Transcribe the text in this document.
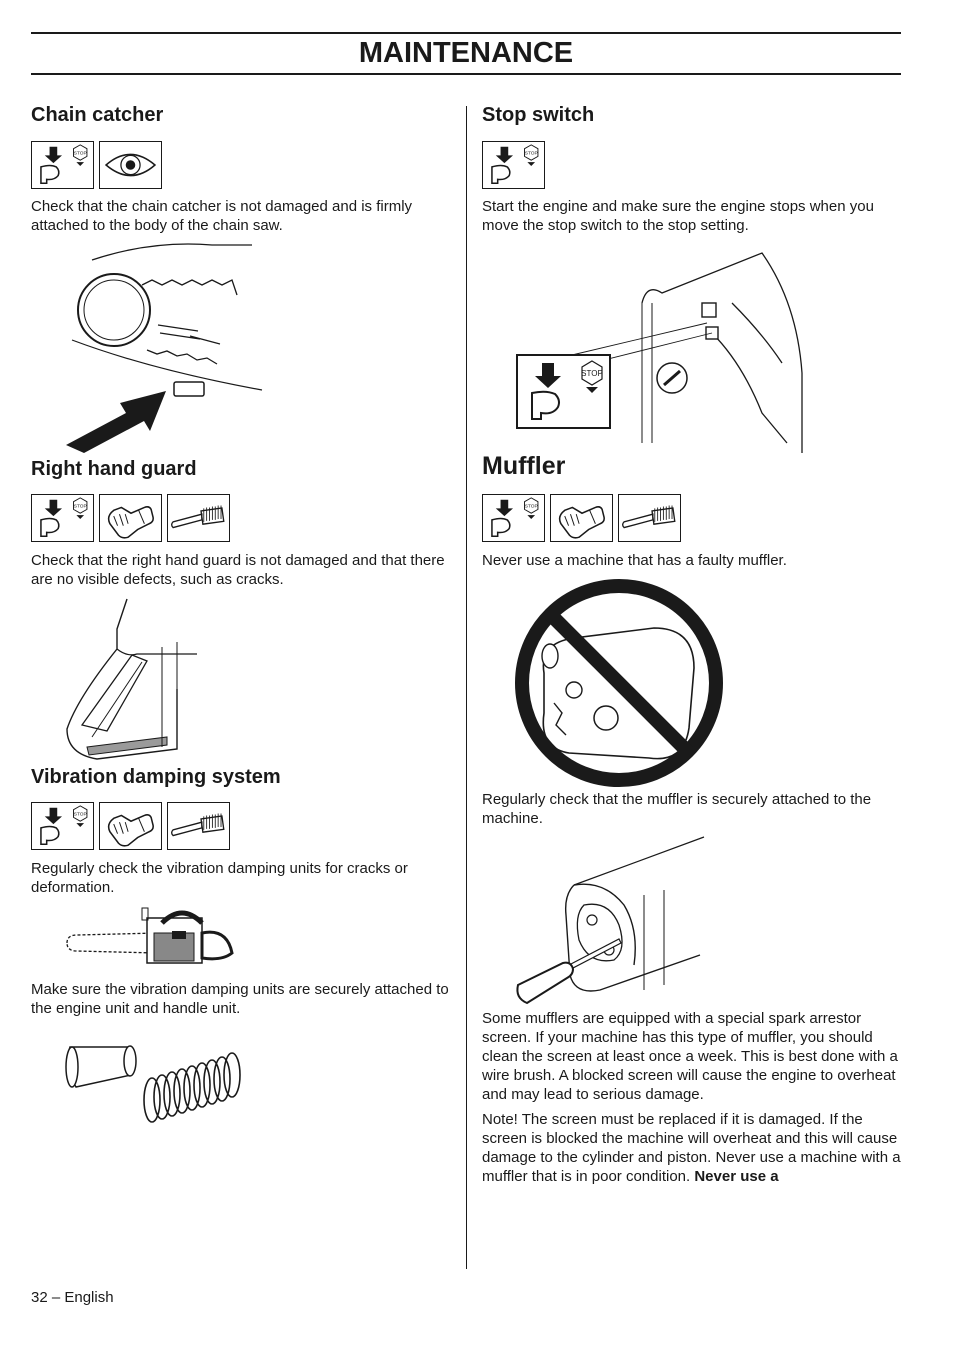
MAINTENANCE
Chain catcher

Check that the chain catcher is not damaged and is firmly attached to the body of the chain saw.

Right hand guard

Check that the right hand guard is not damaged and that there are no visible defects, such as cracks.

Vibration damping system

Regularly check the vibration damping units for cracks or deformation.

Make sure the vibration damping units are securely attached to the engine unit and handle unit.

Stop switch

Start the engine and make sure the engine stops when you move the stop switch to the stop setting.

STOP
Muffler

Never use a machine that has a faulty muffler.

Regularly check that the muffler is securely attached to the machine.

Some mufflers are equipped with a special spark arrestor screen. If your machine has this type of muffler, you should clean the screen at least once a week. This is best done with a wire brush. A blocked screen will cause the engine to overheat and may lead to serious damage.

Note! The screen must be replaced if it is damaged. If the screen is blocked the machine will overheat and this will cause damage to the cylinder and piston. Never use a machine with a muffler that is in poor condition. Never use a

32 – English
